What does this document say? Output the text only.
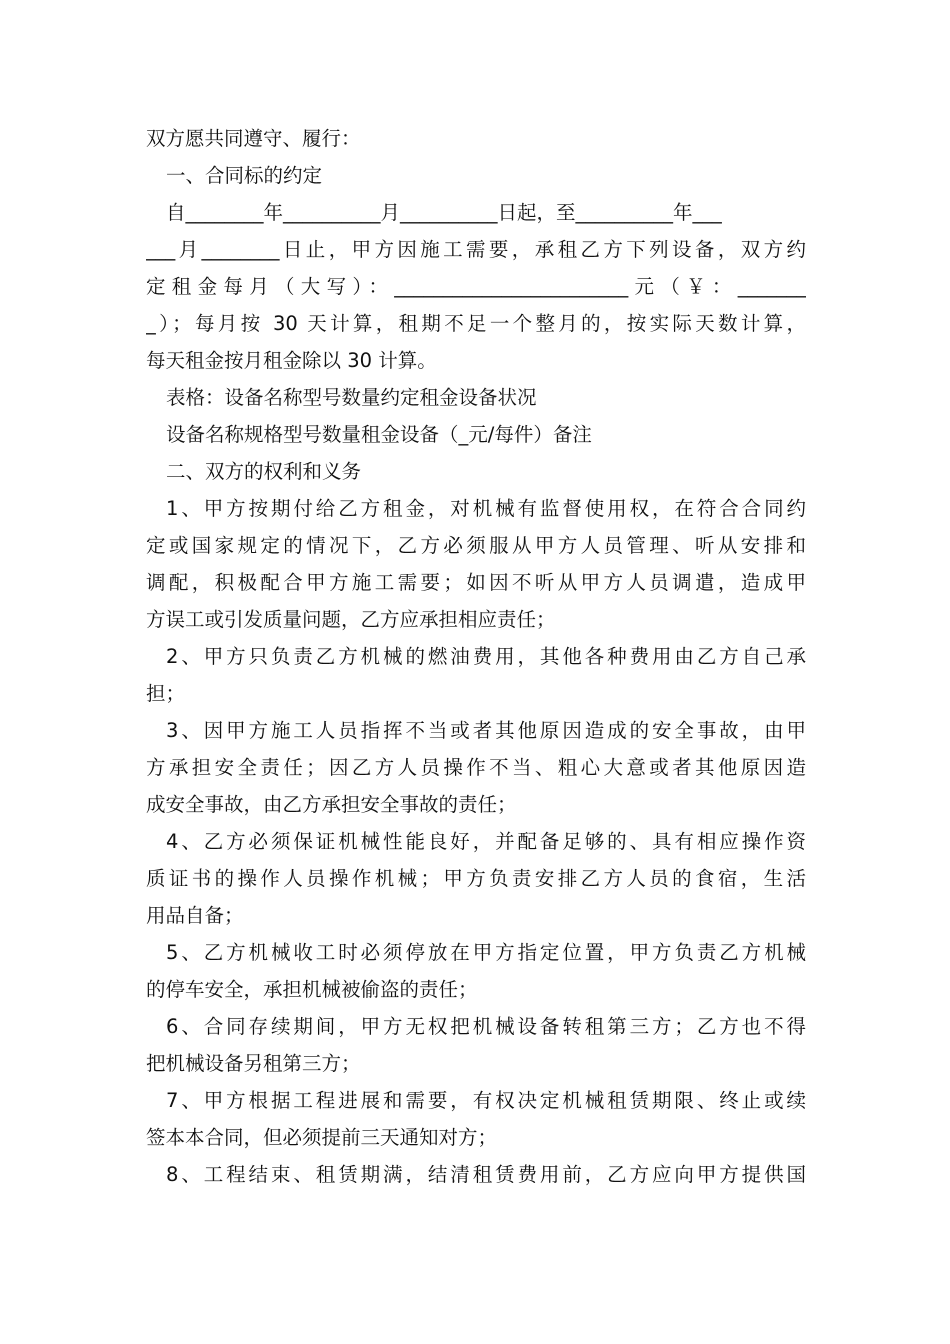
双方愿共同遵守、履行：
一、合同标的约定
自________年__________月__________日起，至__________年___
___月________日止，甲方因施工需要，承租乙方下列设备，双方约
定租金每月（大写）：________________________元（￥：_______
_）；每月按 30 天计算，租期不足一个整月的，按实际天数计算，
每天租金按月租金除以 30 计算。
表格：设备名称型号数量约定租金设备状况
设备名称规格型号数量租金设备（_元/每件）备注
二、双方的权利和义务
1、甲方按期付给乙方租金，对机械有监督使用权，在符合合同约
定或国家规定的情况下，乙方必须服从甲方人员管理、听从安排和
调配，积极配合甲方施工需要；如因不听从甲方人员调遣，造成甲
方误工或引发质量问题，乙方应承担相应责任；
2、甲方只负责乙方机械的燃油费用，其他各种费用由乙方自己承
担；
3、因甲方施工人员指挥不当或者其他原因造成的安全事故，由甲
方承担安全责任；因乙方人员操作不当、粗心大意或者其他原因造
成安全事故，由乙方承担安全事故的责任；
4、乙方必须保证机械性能良好，并配备足够的、具有相应操作资
质证书的操作人员操作机械；甲方负责安排乙方人员的食宿，生活
用品自备；
5、乙方机械收工时必须停放在甲方指定位置，甲方负责乙方机械
的停车安全，承担机械被偷盗的责任；
6、合同存续期间，甲方无权把机械设备转租第三方；乙方也不得
把机械设备另租第三方；
7、甲方根据工程进展和需要，有权决定机械租赁期限、终止或续
签本本合同，但必须提前三天通知对方；
8、工程结束、租赁期满，结清租赁费用前，乙方应向甲方提供国
